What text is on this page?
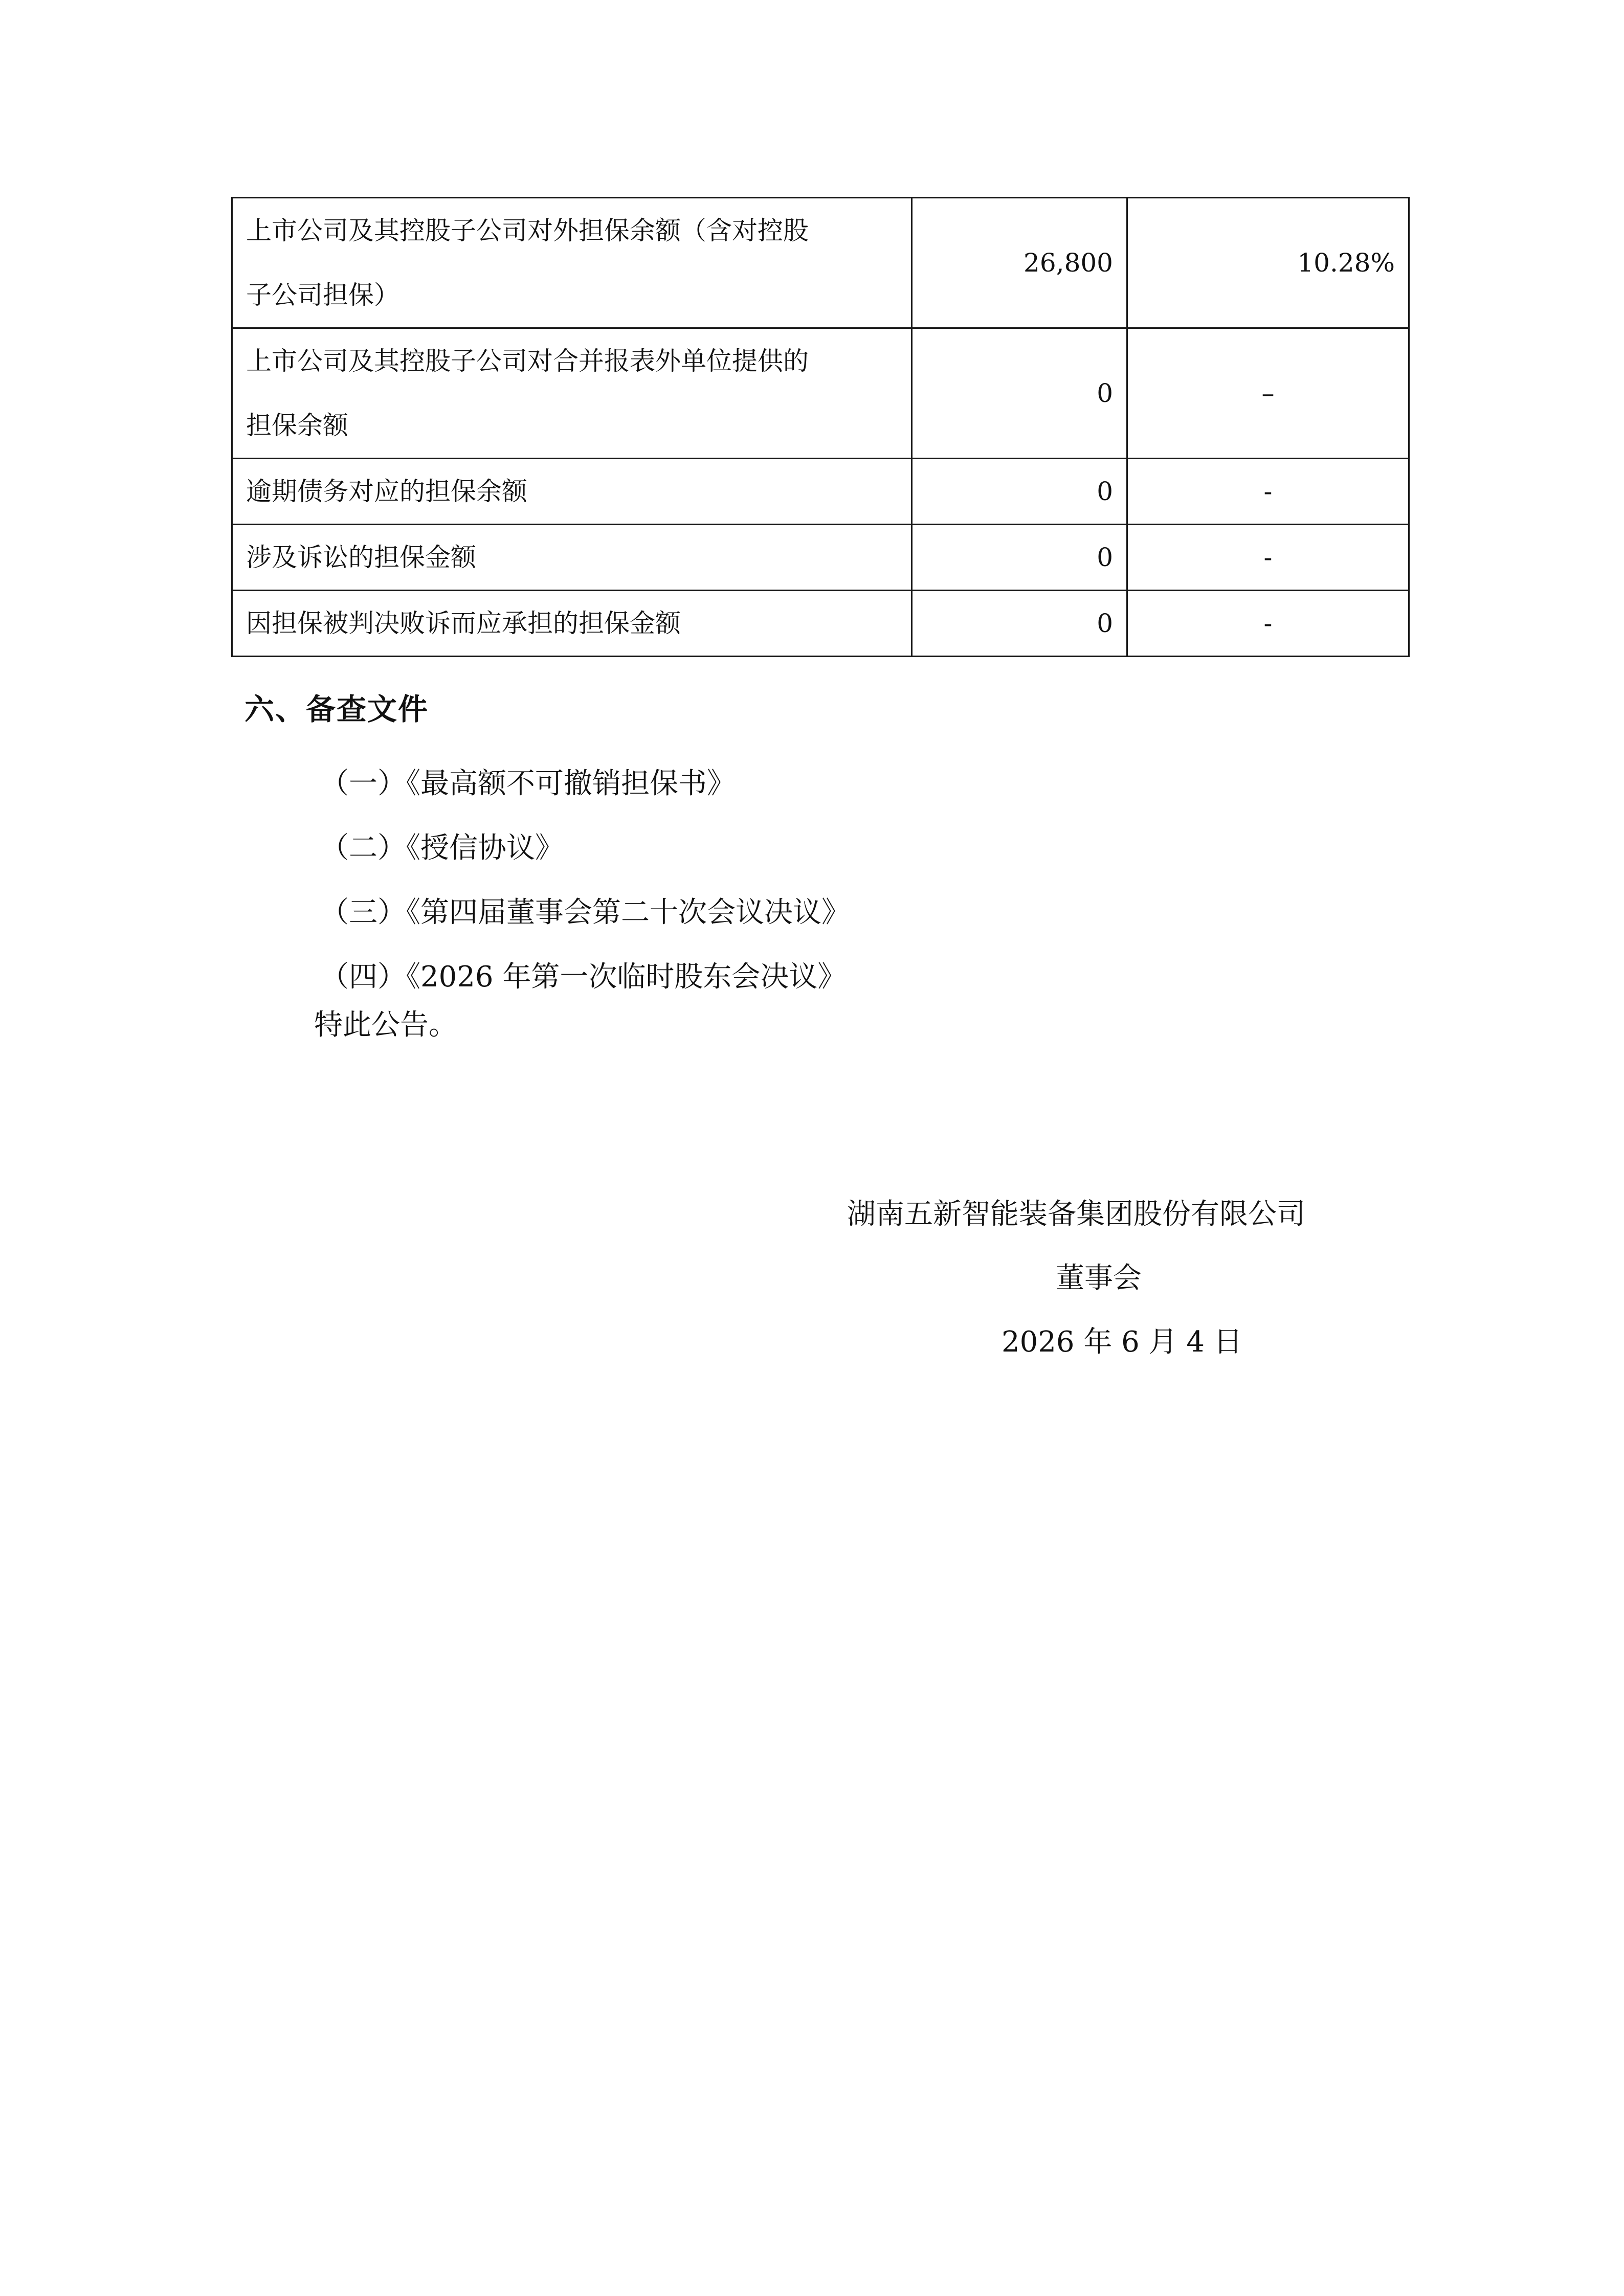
上市公司及其控股子公司对外担保余额（含对控股
子公司担保）	26,800	10.28%

上市公司及其控股子公司对合并报表外单位提供的
担保余额	0	–

逾期债务对应的担保余额	0	-

涉及诉讼的担保金额	0	-

因担保被判决败诉而应承担的担保金额	0	-
六、备查文件
（一）《最高额不可撤销担保书》
（二）《授信协议》
（三）《第四届董事会第二十次会议决议》
（四）《2026 年第一次临时股东会决议》
特此公告。
湖南五新智能装备集团股份有限公司
董事会
2026 年 6 月 4 日
